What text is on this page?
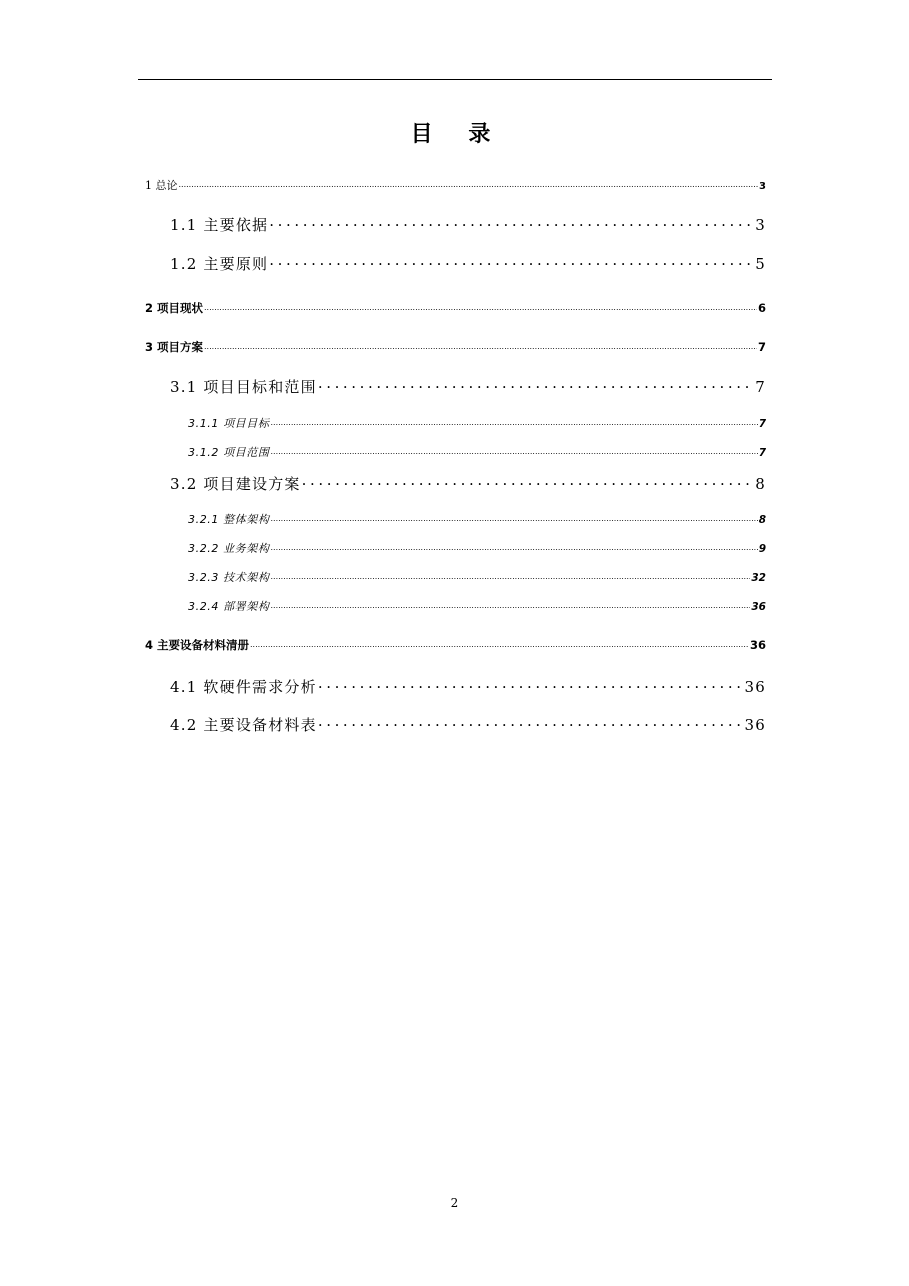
目 录
1 总论 .....	3
1.1 主要依据 .....	3
1.2 主要原则 .....	5
2 项目现状 .....	6
3 项目方案 .....	7
3.1 项目目标和范围 .....	7
3.1.1 项目目标 .....	7
3.1.2 项目范围 .....	7
3.2 项目建设方案 .....	8
3.2.1 整体架构 .....	8
3.2.2 业务架构 .....	9
3.2.3 技术架构 .....	32
3.2.4 部署架构 .....	36
4 主要设备材料清册 .....	36
4.1 软硬件需求分析 .....	36
4.2 主要设备材料表 .....	36
2
